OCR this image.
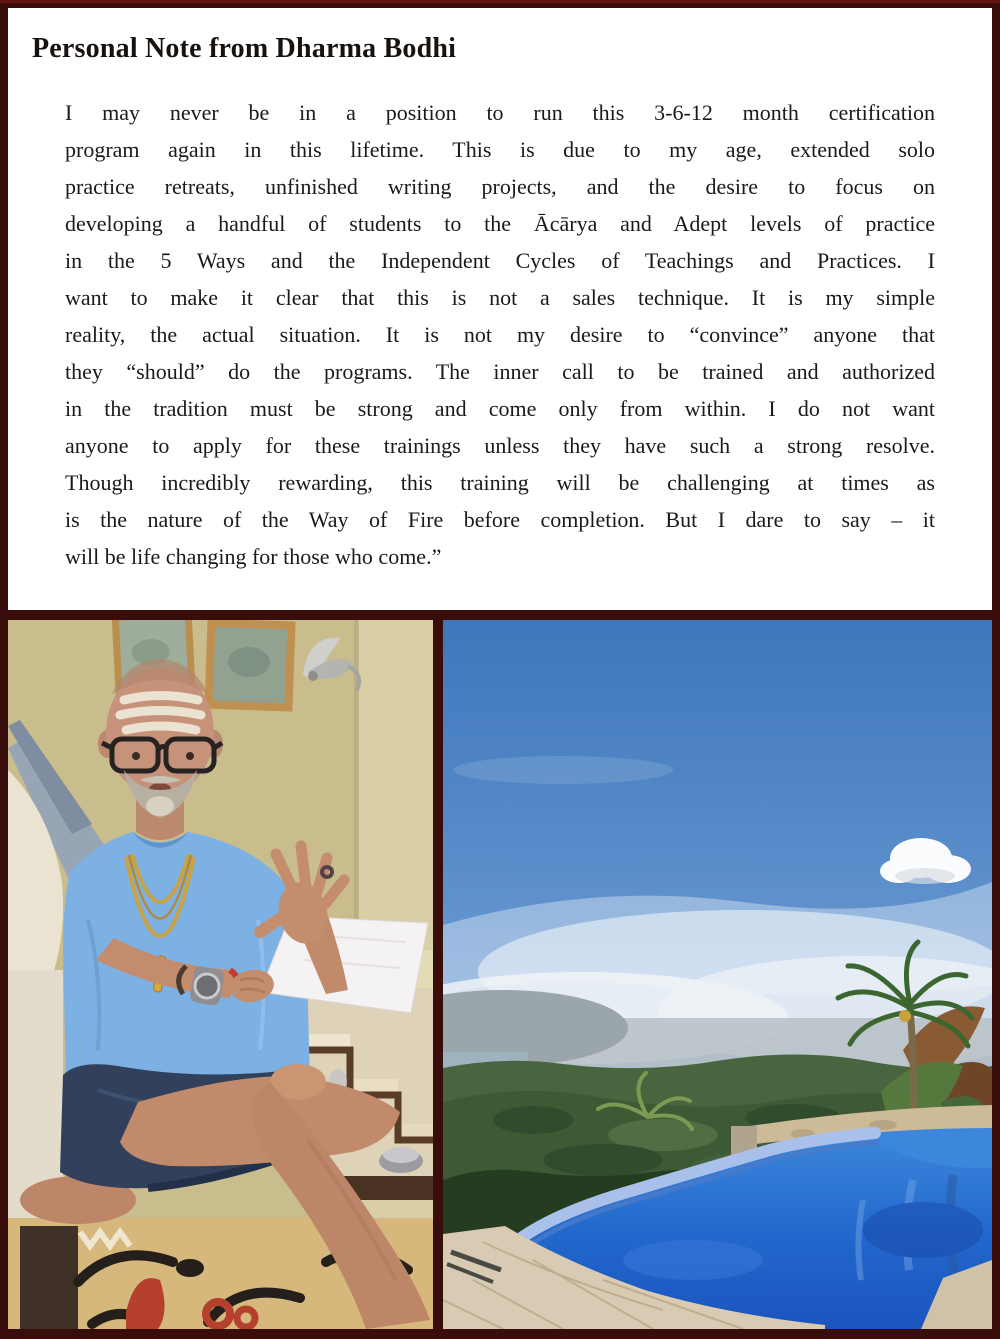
Personal Note from Dharma Bodhi
I may never be in a position to run this 3-6-12 month certification
program again in this lifetime. This is due to my age, extended solo
practice retreats, unfinished writing projects, and the desire to focus on
developing a handful of students to the Ācārya and Adept levels of practice
in the 5 Ways and the Independent Cycles of Teachings and Practices. I
want to make it clear that this is not a sales technique. It is my simple
reality, the actual situation. It is not my desire to “convince” anyone that
they “should” do the programs. The inner call to be trained and authorized
in the tradition must be strong and come only from within. I do not want
anyone to apply for these trainings unless they have such a strong resolve.
Though incredibly rewarding, this training will be challenging at times as
is the nature of the Way of Fire before completion. But I dare to say – it
will be life changing for those who come.”
